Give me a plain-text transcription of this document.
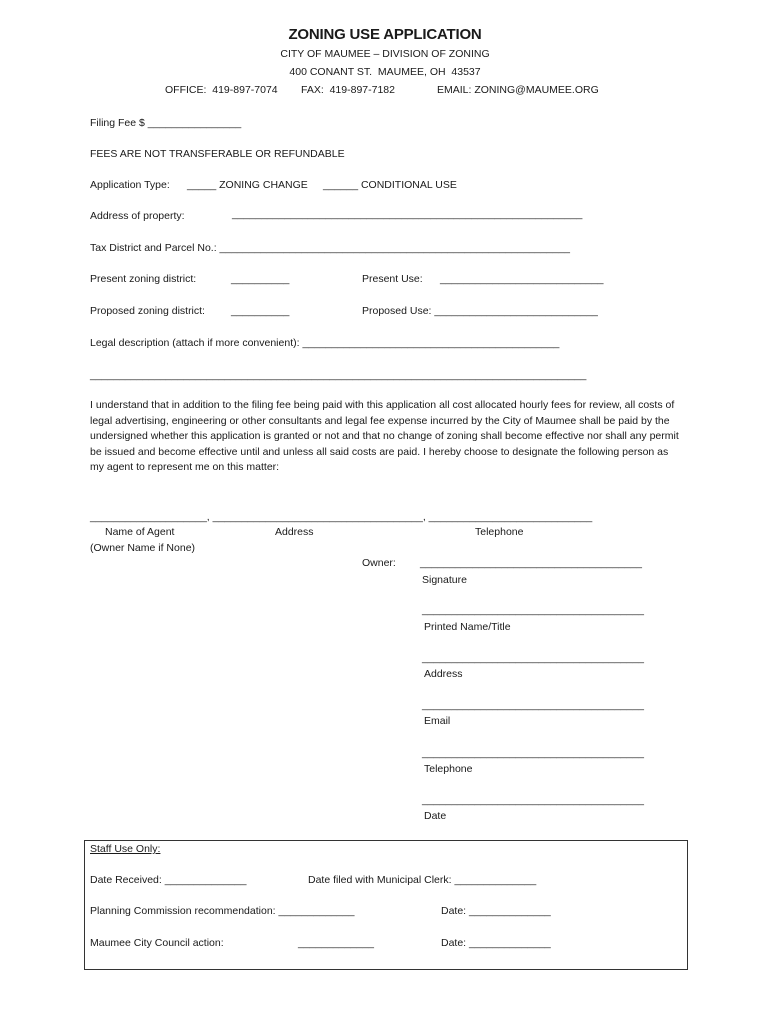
ZONING USE APPLICATION
CITY OF MAUMEE – DIVISION OF ZONING
400 CONANT ST.  MAUMEE, OH  43537
OFFICE:  419-897-7074 FAX:  419-897-7182	EMAIL: ZONING@MAUMEE.ORG
Filing Fee $ ________________
FEES ARE NOT TRANSFERABLE OR REFUNDABLE
Application Type: _____ ZONING CHANGE ______ CONDITIONAL USE
Address of property:	____________________________________________________________
Tax District and Parcel No.: ____________________________________________________________
Present zoning district:	__________	Present Use: ____________________________
Proposed zoning district: __________	Proposed Use: ____________________________
Legal description (attach if more convenient): ____________________________________________
_____________________________________________________________________________________
I understand that in addition to the filing fee being paid with this application all cost allocated hourly fees for review, all costs of legal advertising, engineering or other consultants and legal fee expense incurred by the City of Maumee shall be paid by the undersigned whether this application is granted or not and that no change of zoning shall become effective nor shall any permit be issued and become effective until and unless all said costs are paid. I hereby choose to designate the following person as my agent to represent me on this matter:
____________________, ____________________________________, ____________________________
Name of Agent
(Owner Name if None)
Address	Telephone
Owner: ______________________________________
Signature
______________________________________
Printed Name/Title
______________________________________
Address
______________________________________
Email
______________________________________
Telephone
______________________________________
Date
Staff Use Only:
Date Received: ______________	Date filed with Municipal Clerk: ______________
Planning Commission recommendation: _____________	Date: ______________
Maumee City Council action:	_____________	Date: ______________
